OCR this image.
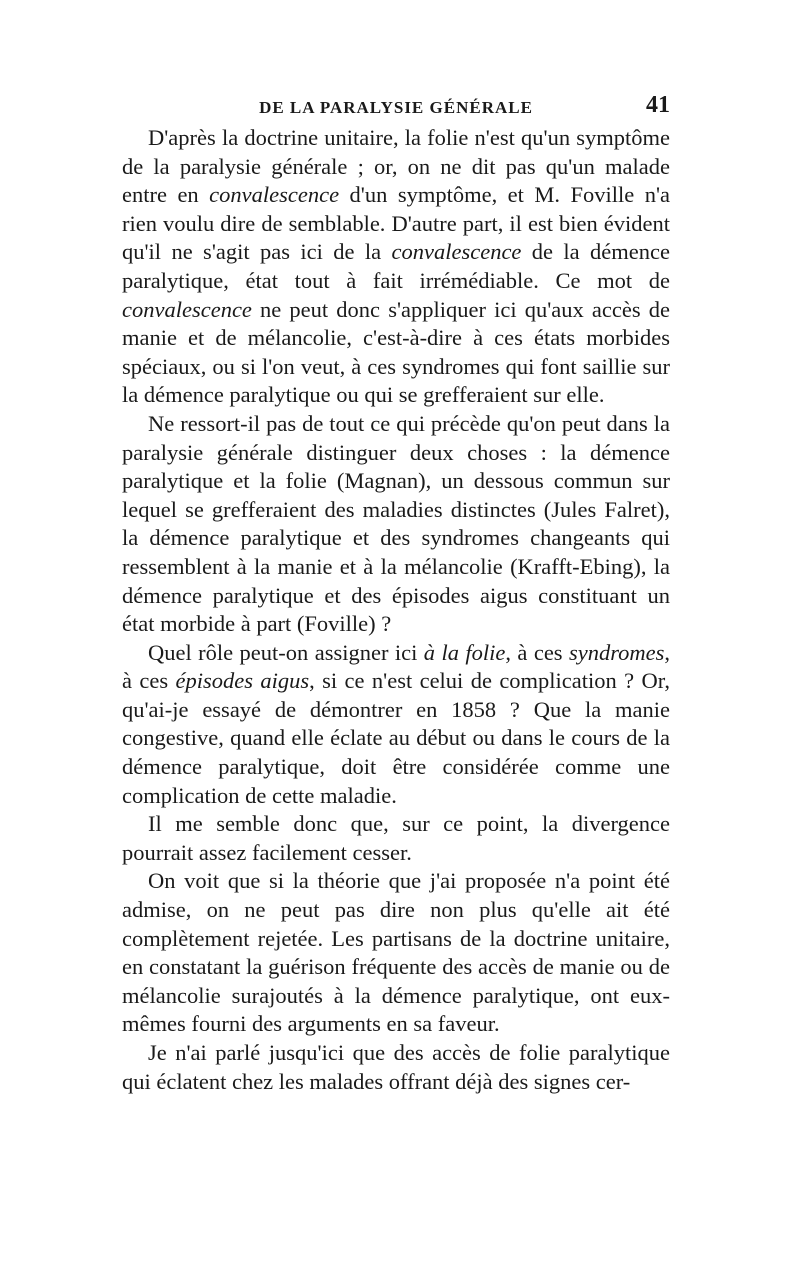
DE LA PARALYSIE GÉNÉRALE	41

D'après la doctrine unitaire, la folie n'est qu'un symptôme de la paralysie générale ; or, on ne dit pas qu'un malade entre en convalescence d'un symptôme, et M. Foville n'a rien voulu dire de semblable. D'autre part, il est bien évident qu'il ne s'agit pas ici de la convalescence de la démence paralytique, état tout à fait irrémédiable. Ce mot de convalescence ne peut donc s'appliquer ici qu'aux accès de manie et de mélancolie, c'est-à-dire à ces états morbides spéciaux, ou si l'on veut, à ces syndromes qui font saillie sur la démence paralytique ou qui se grefferaient sur elle.

Ne ressort-il pas de tout ce qui précède qu'on peut dans la paralysie générale distinguer deux choses : la démence paralytique et la folie (Magnan), un dessous commun sur lequel se grefferaient des maladies distinctes (Jules Falret), la démence paralytique et des syndromes changeants qui ressemblent à la manie et à la mélancolie (Krafft-Ebing), la démence paralytique et des épisodes aigus constituant un état morbide à part (Foville) ?

Quel rôle peut-on assigner ici à la folie, à ces syndromes, à ces épisodes aigus, si ce n'est celui de complication ? Or, qu'ai-je essayé de démontrer en 1858 ? Que la manie congestive, quand elle éclate au début ou dans le cours de la démence paralytique, doit être considérée comme une complication de cette maladie.

Il me semble donc que, sur ce point, la divergence pourrait assez facilement cesser.

On voit que si la théorie que j'ai proposée n'a point été admise, on ne peut pas dire non plus qu'elle ait été complètement rejetée. Les partisans de la doctrine unitaire, en constatant la guérison fréquente des accès de manie ou de mélancolie surajoutés à la démence paralytique, ont eux-mêmes fourni des arguments en sa faveur.

Je n'ai parlé jusqu'ici que des accès de folie paralytique qui éclatent chez les malades offrant déjà des signes cer-
